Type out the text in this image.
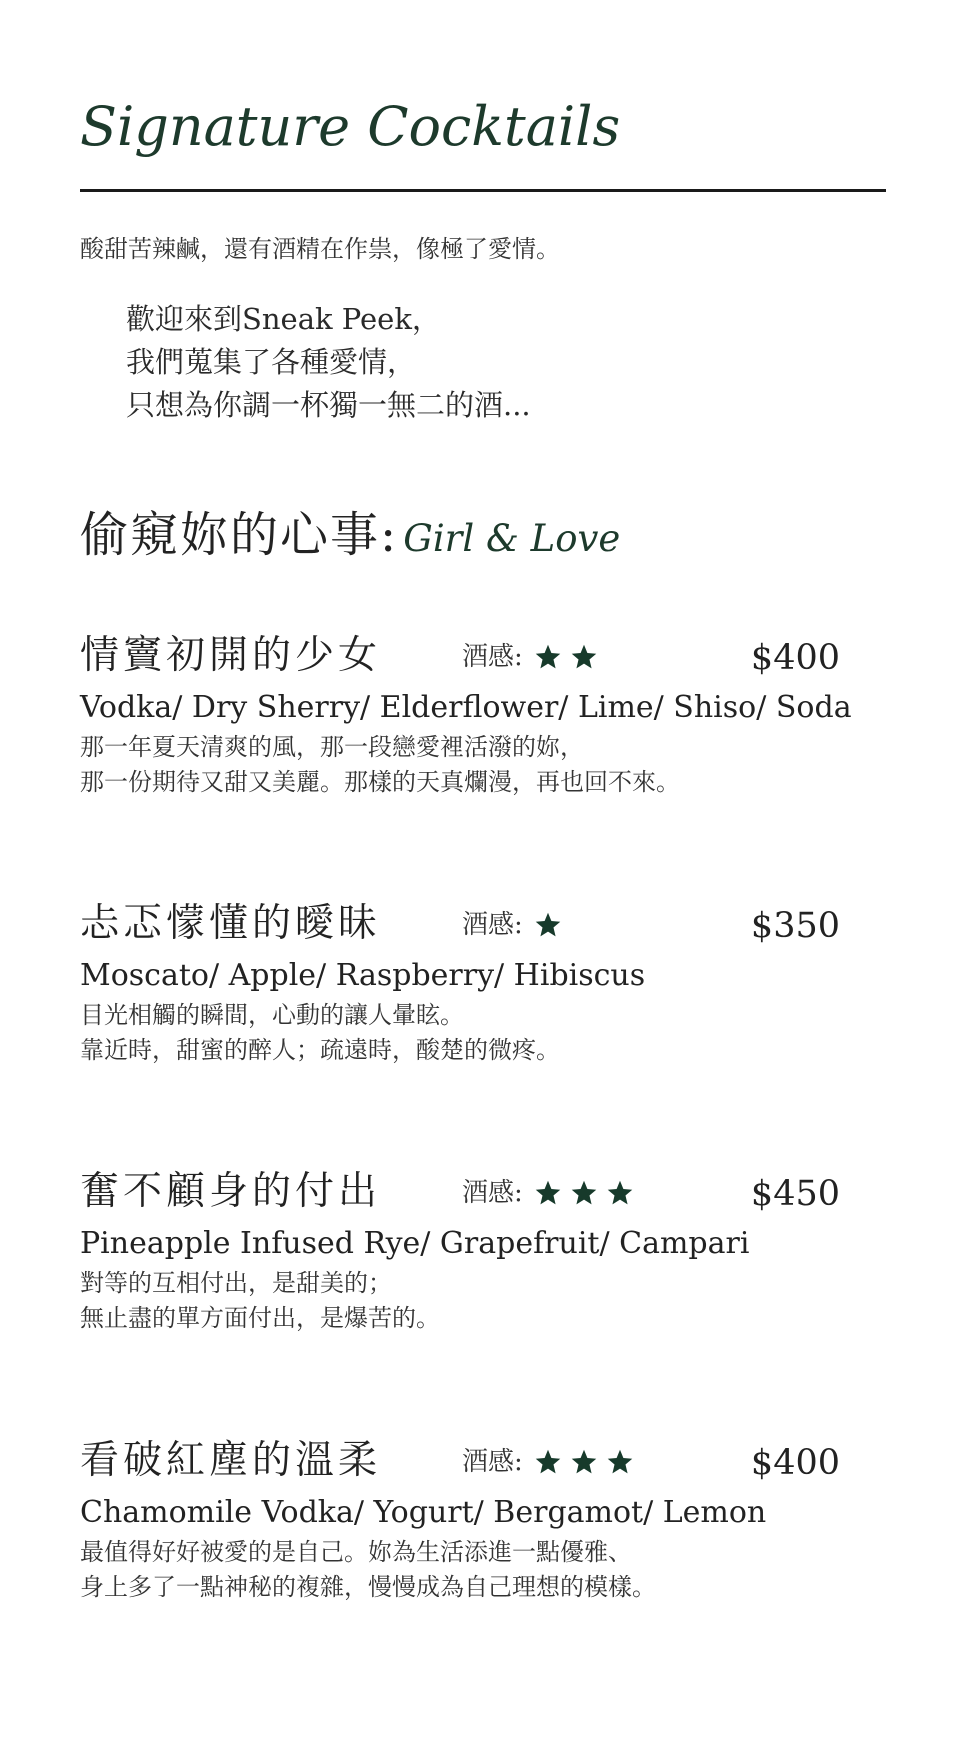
Signature Cocktails
酸甜苦辣鹹，還有酒精在作祟，像極了愛情。
歡迎來到Sneak Peek，
我們蒐集了各種愛情，
只想為你調一杯獨一無二的酒...
偷窺妳的心事: Girl & Love
情竇初開的少女	酒感:	$400
Vodka/ Dry Sherry/ Elderflower/ Lime/ Shiso/ Soda
那一年夏天清爽的風，那一段戀愛裡活潑的妳，
那一份期待又甜又美麗。那樣的天真爛漫，再也回不來。
忐忑懞懂的曖昧	酒感:	$350
Moscato/ Apple/ Raspberry/ Hibiscus
目光相觸的瞬間，心動的讓人暈眩。
靠近時，甜蜜的醉人；疏遠時，酸楚的微疼。
奮不顧身的付出	酒感:	$450
Pineapple Infused Rye/ Grapefruit/ Campari
對等的互相付出，是甜美的；
無止盡的單方面付出，是爆苦的。
看破紅塵的溫柔	酒感:	$400
Chamomile Vodka/ Yogurt/ Bergamot/ Lemon
最值得好好被愛的是自己。妳為生活添進一點優雅、
身上多了一點神秘的複雜，慢慢成為自己理想的模樣。
